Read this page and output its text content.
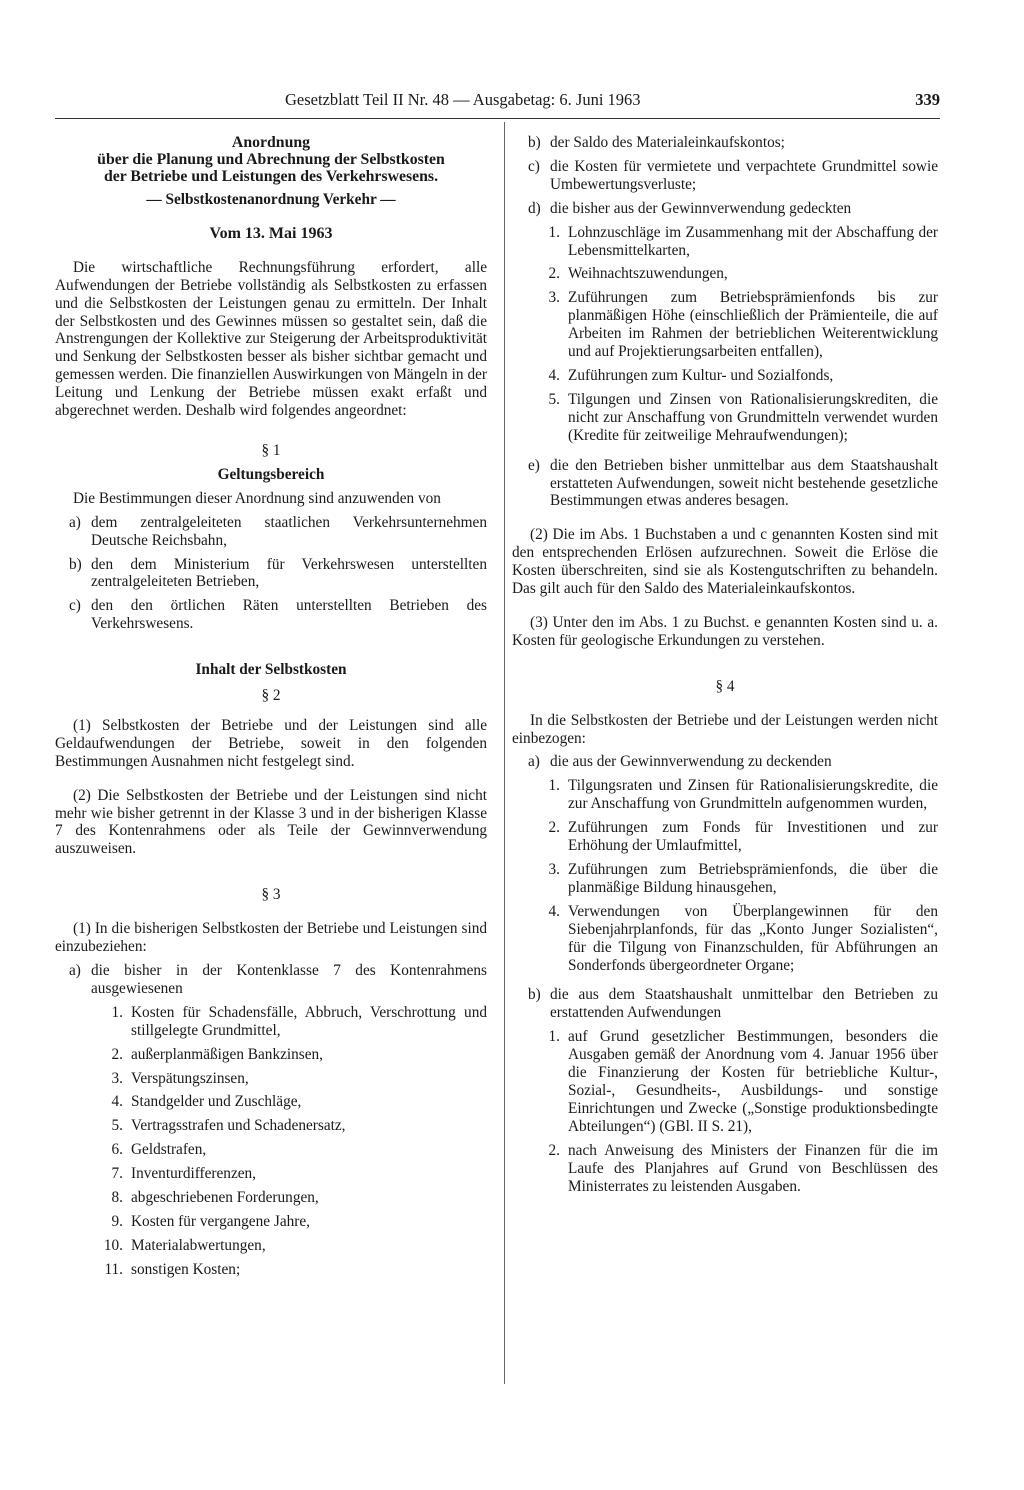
Gesetzblatt Teil II Nr. 48 — Ausgabetag: 6. Juni 1963	339

Anordnung

über die Planung und Abrechnung der Selbstkosten

der Betriebe und Leistungen des Verkehrswesens.

— Selbstkostenanordnung Verkehr —

Vom 13. Mai 1963

Die wirtschaftliche Rechnungsführung erfordert, alle Aufwendungen der Betriebe vollständig als Selbstkosten zu erfassen und die Selbstkosten der Leistungen genau zu ermitteln. Der Inhalt der Selbstkosten und des Gewinnes müssen so gestaltet sein, daß die Anstrengungen der Kollektive zur Steigerung der Arbeitsproduktivität und Senkung der Selbstkosten besser als bisher sichtbar gemacht und gemessen werden. Die finanziellen Auswirkungen von Mängeln in der Leitung und Lenkung der Betriebe müssen exakt erfaßt und abgerechnet werden. Deshalb wird folgendes angeordnet:

§ 1

Geltungsbereich

Die Bestimmungen dieser Anordnung sind anzuwenden von

a) dem zentralgeleiteten staatlichen Verkehrsunternehmen Deutsche Reichsbahn,
b) den dem Ministerium für Verkehrswesen unterstellten zentralgeleiteten Betrieben,
c) den den örtlichen Räten unterstellten Betrieben des Verkehrswesens.

Inhalt der Selbstkosten

§ 2

(1) Selbstkosten der Betriebe und der Leistungen sind alle Geldaufwendungen der Betriebe, soweit in den folgenden Bestimmungen Ausnahmen nicht festgelegt sind.

(2) Die Selbstkosten der Betriebe und der Leistungen sind nicht mehr wie bisher getrennt in der Klasse 3 und in der bisherigen Klasse 7 des Kontenrahmens oder als Teile der Gewinnverwendung auszuweisen.

§ 3

(1) In die bisherigen Selbstkosten der Betriebe und Leistungen sind einzubeziehen:

a) die bisher in der Kontenklasse 7 des Kontenrahmens ausgewiesenen
1. Kosten für Schadensfälle, Abbruch, Verschrottung und stillgelegte Grundmittel,
2. außerplanmäßigen Bankzinsen,
3. Verspätungszinsen,
4. Standgelder und Zuschläge,
5. Vertragsstrafen und Schadenersatz,
6. Geldstrafen,
7. Inventurdifferenzen,
8. abgeschriebenen Forderungen,
9. Kosten für vergangene Jahre,
10. Materialabwertungen,
11. sonstigen Kosten;
b) der Saldo des Materialeinkaufskontos;
c) die Kosten für vermietete und verpachtete Grundmittel sowie Umbewertungsverluste;
d) die bisher aus der Gewinnverwendung gedeckten
1. Lohnzuschläge im Zusammenhang mit der Abschaffung der Lebensmittelkarten,
2. Weihnachtszuwendungen,
3. Zuführungen zum Betriebsprämienfonds bis zur planmäßigen Höhe (einschließlich der Prämienteile, die auf Arbeiten im Rahmen der betrieblichen Weiterentwicklung und auf Projektierungsarbeiten entfallen),
4. Zuführungen zum Kultur- und Sozialfonds,
5. Tilgungen und Zinsen von Rationalisierungskrediten, die nicht zur Anschaffung von Grundmitteln verwendet wurden (Kredite für zeitweilige Mehraufwendungen);
e) die den Betrieben bisher unmittelbar aus dem Staatshaushalt erstatteten Aufwendungen, soweit nicht bestehende gesetzliche Bestimmungen etwas anderes besagen.

(2) Die im Abs. 1 Buchstaben a und c genannten Kosten sind mit den entsprechenden Erlösen aufzurechnen. Soweit die Erlöse die Kosten überschreiten, sind sie als Kostengutschriften zu behandeln. Das gilt auch für den Saldo des Materialeinkaufskontos.

(3) Unter den im Abs. 1 zu Buchst. e genannten Kosten sind u. a. Kosten für geologische Erkundungen zu verstehen.

§ 4

In die Selbstkosten der Betriebe und der Leistungen werden nicht einbezogen:

a) die aus der Gewinnverwendung zu deckenden
1. Tilgungsraten und Zinsen für Rationalisierungskredite, die zur Anschaffung von Grundmitteln aufgenommen wurden,
2. Zuführungen zum Fonds für Investitionen und zur Erhöhung der Umlaufmittel,
3. Zuführungen zum Betriebsprämienfonds, die über die planmäßige Bildung hinausgehen,
4. Verwendungen von Überplangewinnen für den Siebenjahrplanfonds, für das „Konto Junger Sozialisten“, für die Tilgung von Finanzschulden, für Abführungen an Sonderfonds übergeordneter Organe;
b) die aus dem Staatshaushalt unmittelbar den Betrieben zu erstattenden Aufwendungen
1. auf Grund gesetzlicher Bestimmungen, besonders die Ausgaben gemäß der Anordnung vom 4. Januar 1956 über die Finanzierung der Kosten für betriebliche Kultur-, Sozial-, Gesundheits-, Ausbildungs- und sonstige Einrichtungen und Zwecke („Sonstige produktionsbedingte Abteilungen“) (GBl. II S. 21),
2. nach Anweisung des Ministers der Finanzen für die im Laufe des Planjahres auf Grund von Beschlüssen des Ministerrates zu leistenden Ausgaben.
